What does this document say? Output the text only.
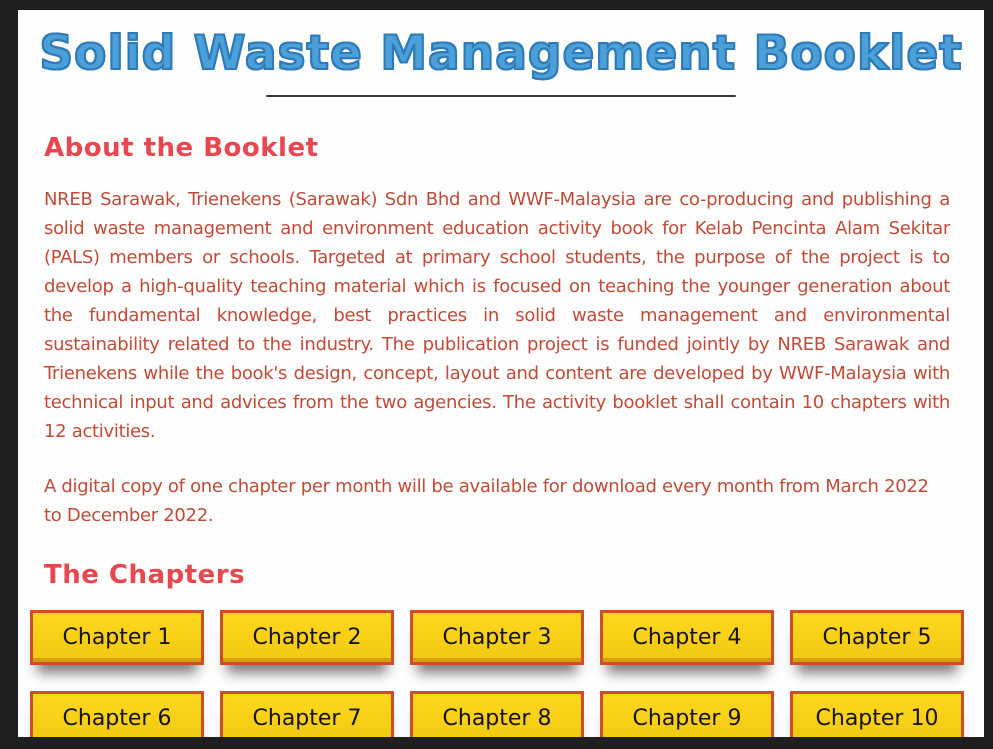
Solid Waste Management Booklet
About the Booklet
NREB Sarawak, Trienekens (Sarawak) Sdn Bhd and WWF-Malaysia are co-producing and publishing a solid waste management and environment education activity book for Kelab Pencinta Alam Sekitar (PALS) members or schools. Targeted at primary school students, the purpose of the project is to develop a high-quality teaching material which is focused on teaching the younger generation about the fundamental knowledge, best practices in solid waste management and environmental sustainability related to the industry. The publication project is funded jointly by NREB Sarawak and Trienekens while the book's design, concept, layout and content are developed by WWF-Malaysia with technical input and advices from the two agencies. The activity booklet shall contain 10 chapters with 12 activities.
A digital copy of one chapter per month will be available for download every month from March 2022 to December 2022.
The Chapters
Chapter 1	Chapter 2	Chapter 3	Chapter 4	Chapter 5
Chapter 6	Chapter 7	Chapter 8	Chapter 9	Chapter 10
